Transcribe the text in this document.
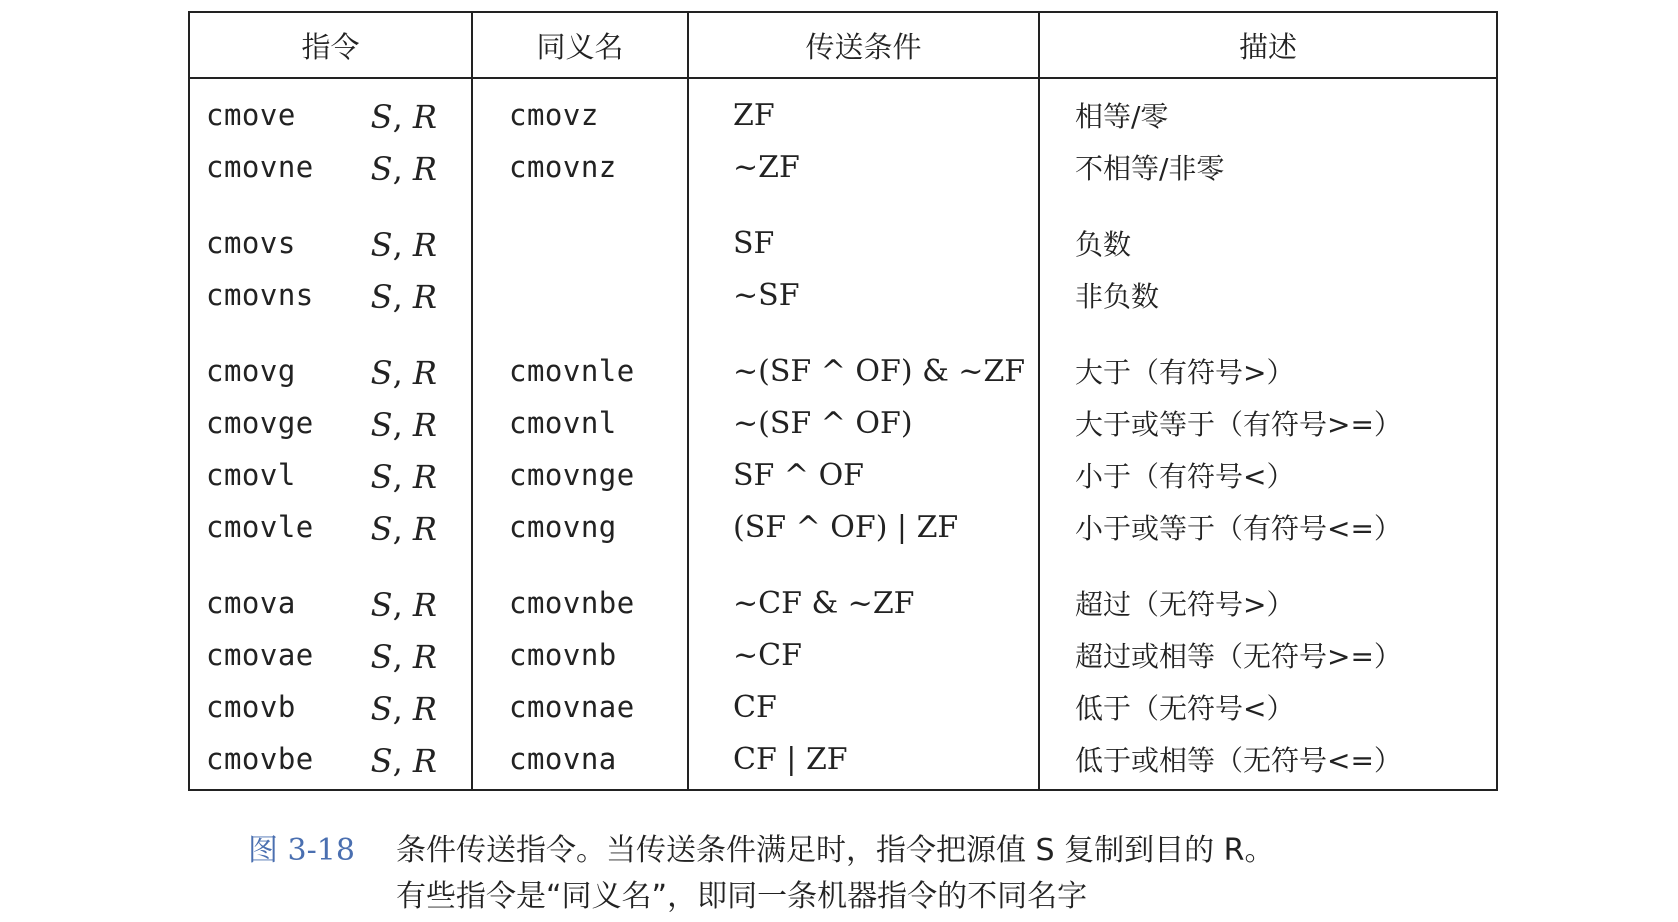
指令	同义名	传送条件	描述
cmove S, R	cmovz	ZF	相等/零
cmovne S, R	cmovnz	~ZF	不相等/非零
cmovs S, R		SF	负数
cmovns S, R		~SF	非负数
cmovg S, R	cmovnle	~(SF ^ OF) & ~ZF	大于（有符号>）
cmovge S, R	cmovnl	~(SF ^ OF)	大于或等于（有符号>=）
cmovl S, R	cmovnge	SF ^ OF	小于（有符号<）
cmovle S, R	cmovng	(SF ^ OF) | ZF	小于或等于（有符号<=）
cmova S, R	cmovnbe	~CF & ~ZF	超过（无符号>）
cmovae S, R	cmovnb	~CF	超过或相等（无符号>=）
cmovb S, R	cmovnae	CF	低于（无符号<）
cmovbe S, R	cmovna	CF | ZF	低于或相等（无符号<=）
图 3-18 条件传送指令。当传送条件满足时，指令把源值 S 复制到目的 R。
有些指令是“同义名”，即同一条机器指令的不同名字
